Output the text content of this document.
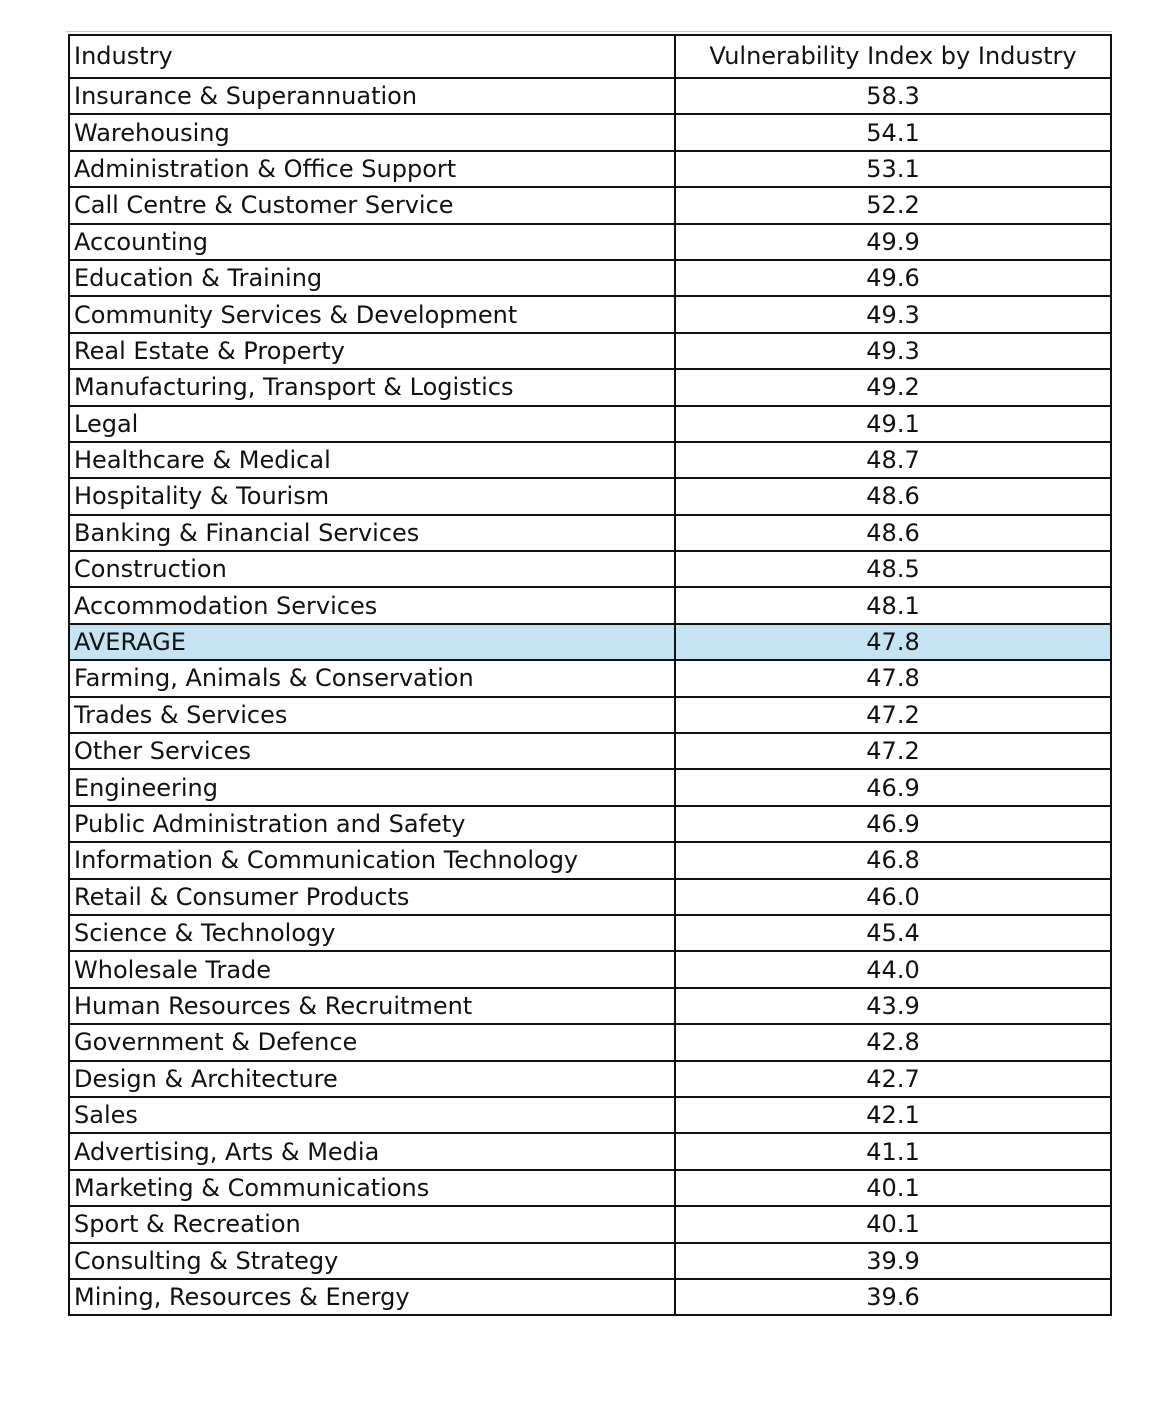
Industry	Vulnerability Index by Industry
Insurance & Superannuation	58.3
Warehousing	54.1
Administration & Office Support	53.1
Call Centre & Customer Service	52.2
Accounting	49.9
Education & Training	49.6
Community Services & Development	49.3
Real Estate & Property	49.3
Manufacturing, Transport & Logistics	49.2
Legal	49.1
Healthcare & Medical	48.7
Hospitality & Tourism	48.6
Banking & Financial Services	48.6
Construction	48.5
Accommodation Services	48.1
AVERAGE	47.8
Farming, Animals & Conservation	47.8
Trades & Services	47.2
Other Services	47.2
Engineering	46.9
Public Administration and Safety	46.9
Information & Communication Technology	46.8
Retail & Consumer Products	46.0
Science & Technology	45.4
Wholesale Trade	44.0
Human Resources & Recruitment	43.9
Government & Defence	42.8
Design & Architecture	42.7
Sales	42.1
Advertising, Arts & Media	41.1
Marketing & Communications	40.1
Sport & Recreation	40.1
Consulting & Strategy	39.9
Mining, Resources & Energy	39.6
